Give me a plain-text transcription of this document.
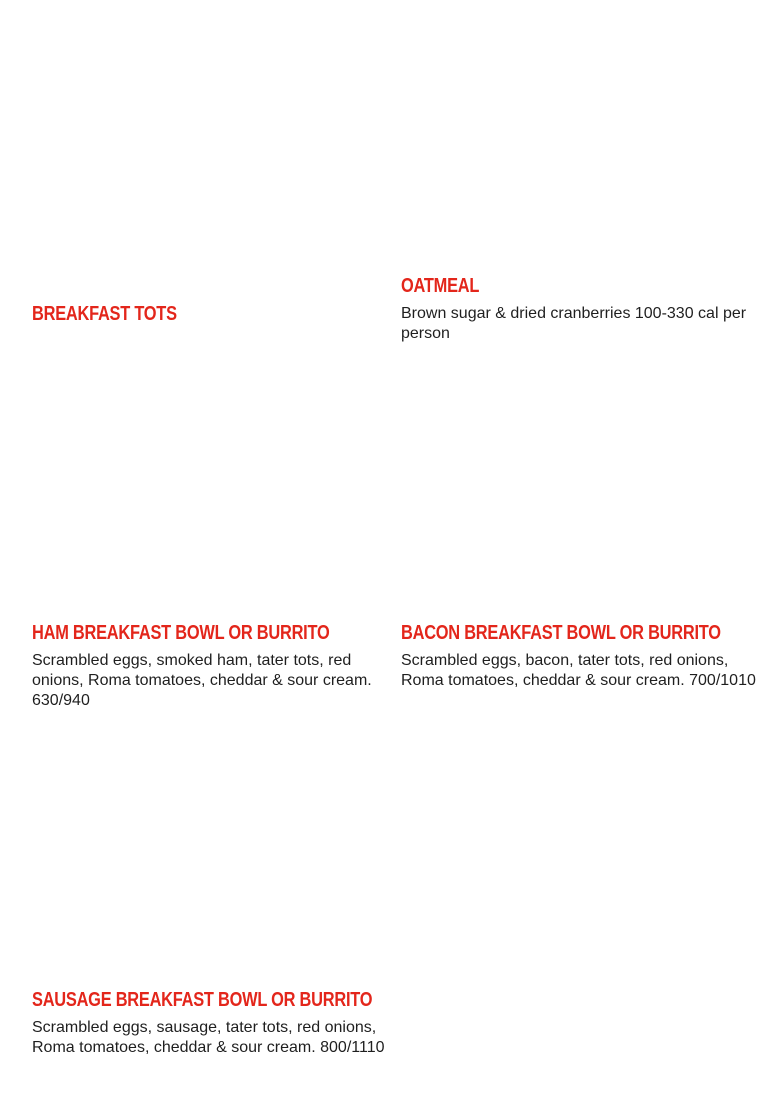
BREAKFAST TOTS
OATMEAL

Brown sugar & dried cranberries 100-330 cal per person

HAM BREAKFAST BOWL OR BURRITO

Scrambled eggs, smoked ham, tater tots, red onions, Roma tomatoes, cheddar & sour cream. 630/940

BACON BREAKFAST BOWL OR BURRITO

Scrambled eggs, bacon, tater tots, red onions, Roma tomatoes, cheddar & sour cream. 700/1010

SAUSAGE BREAKFAST BOWL OR BURRITO

Scrambled eggs, sausage, tater tots, red onions, Roma tomatoes, cheddar & sour cream. 800/1110
